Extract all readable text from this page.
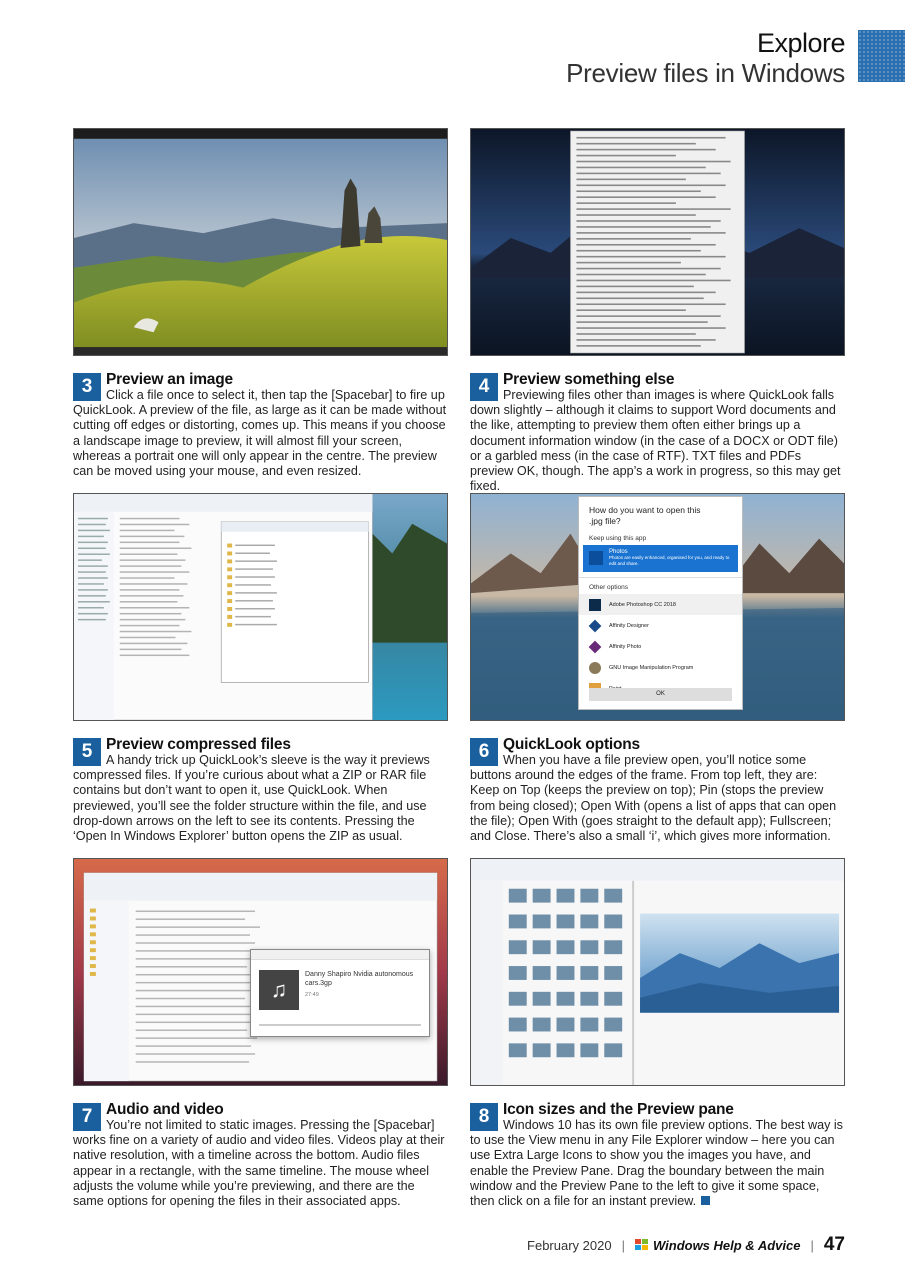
Explore
Preview files in Windows
3 Preview an image
Click a file once to select it, then tap the [Spacebar] to fire up QuickLook. A preview of the file, as large as it can be made without cutting off edges or distorting, comes up. This means if you choose a landscape image to preview, it will almost fill your screen, whereas a portrait one will only appear in the centre. The preview can be moved using your mouse, and even resized.
4 Preview something else
Previewing files other than images is where QuickLook falls down slightly – although it claims to support Word documents and the like, attempting to preview them often either brings up a document information window (in the case of a DOCX or ODT file) or a garbled mess (in the case of RTF). TXT files and PDFs preview OK, though. The app’s a work in progress, so this may get fixed.
How do you want to open this .jpg file?
Keep using this app
Photos
Photos are easily enhanced, organised for you, and ready to edit and share.
Other options
Adobe Photoshop CC 2018
Affinity Designer
Affinity Photo
GNU Image Manipulation Program
OK
5 Preview compressed files
A handy trick up QuickLook’s sleeve is the way it previews compressed files. If you’re curious about what a ZIP or RAR file contains but don’t want to open it, use QuickLook. When previewed, you’ll see the folder structure within the file, and use drop-down arrows on the left to see its contents. Pressing the ‘Open In Windows Explorer’ button opens the ZIP as usual.
6 QuickLook options
When you have a file preview open, you’ll notice some buttons around the edges of the frame. From top left, they are: Keep on Top (keeps the preview on top); Pin (stops the preview from being closed); Open With (opens a list of apps that can open the file); Open With (goes straight to the default app); Fullscreen; and Close. There’s also a small ‘i’, which gives more information.
♫
Danny Shapiro Nvidia autonomous cars.3gp
27:49
7 Audio and video
You’re not limited to static images. Pressing the [Spacebar] works fine on a variety of audio and video files. Videos play at their native resolution, with a timeline across the bottom. Audio files appear in a rectangle, with the same timeline. The mouse wheel adjusts the volume while you’re previewing, and there are the same options for opening the files in their associated apps.
8 Icon sizes and the Preview pane
Windows 10 has its own file preview options. The best way is to use the View menu in any File Explorer window – here you can use Extra Large Icons to show you the images you have, and enable the Preview Pane. Drag the boundary between the main window and the Preview Pane to the left to give it some space, then click on a file for an instant preview.
February 2020 | Windows Help & Advice | 47
